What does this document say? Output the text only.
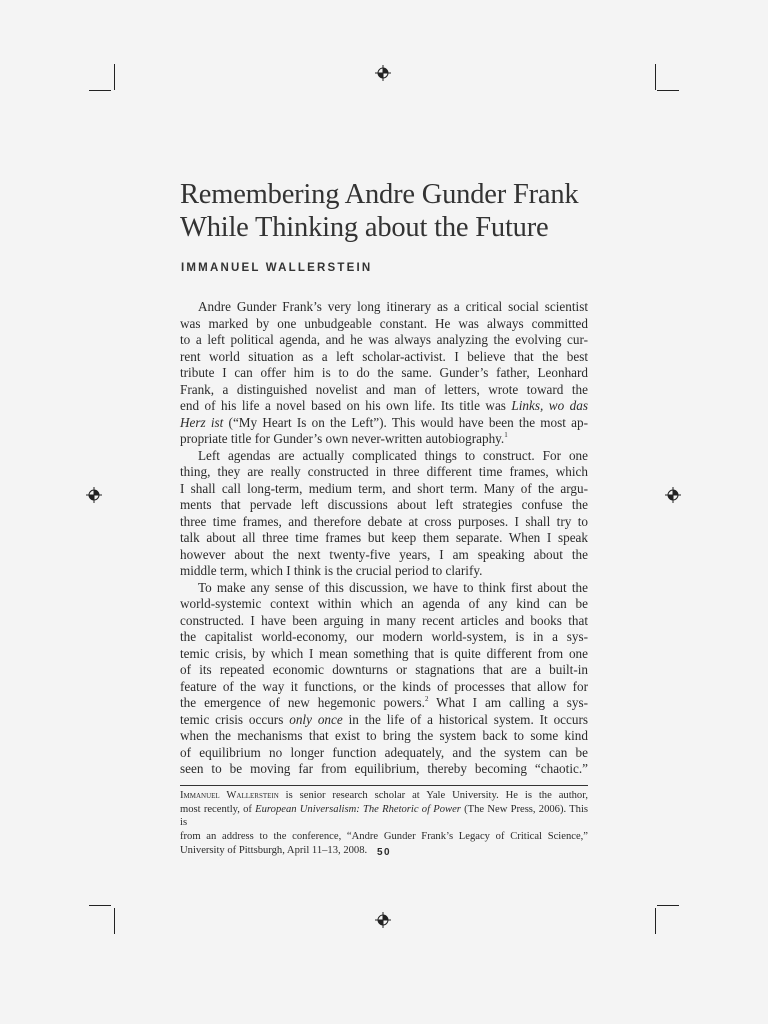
Remembering Andre Gunder Frank
While Thinking about the Future
IMMANUEL WALLERSTEIN

Andre Gunder Frank’s very long itinerary as a critical social scientist
was marked by one unbudgeable constant. He was always committed
to a left political agenda, and he was always analyzing the evolving cur-
rent world situation as a left scholar-activist. I believe that the best
tribute I can offer him is to do the same. Gunder’s father, Leonhard
Frank, a distinguished novelist and man of letters, wrote toward the
end of his life a novel based on his own life. Its title was Links, wo das
Herz ist (“My Heart Is on the Left”). This would have been the most ap-
propriate title for Gunder’s own never-written autobiography.$^1$

Left agendas are actually complicated things to construct. For one
thing, they are really constructed in three different time frames, which
I shall call long-term, medium term, and short term. Many of the argu-
ments that pervade left discussions about left strategies confuse the
three time frames, and therefore debate at cross purposes. I shall try to
talk about all three time frames but keep them separate. When I speak
however about the next twenty-five years, I am speaking about the
middle term, which I think is the crucial period to clarify.

To make any sense of this discussion, we have to think first about the
world-systemic context within which an agenda of any kind can be
constructed. I have been arguing in many recent articles and books that
the capitalist world-economy, our modern world-system, is in a sys-
temic crisis, by which I mean something that is quite different from one
of its repeated economic downturns or stagnations that are a built-in
feature of the way it functions, or the kinds of processes that allow for
the emergence of new hegemonic powers.$^2$ What I am calling a sys-
temic crisis occurs only once in the life of a historical system. It occurs
when the mechanisms that exist to bring the system back to some kind
of equilibrium no longer function adequately, and the system can be
seen to be moving far from equilibrium, thereby becoming “chaotic.”

Immanuel Wallerstein is senior research scholar at Yale University. He is the author,
most recently, of European Universalism: The Rhetoric of Power (The New Press, 2006). This is
from an address to the conference, “Andre Gunder Frank’s Legacy of Critical Science,”
University of Pittsburgh, April 11–13, 2008. 50
